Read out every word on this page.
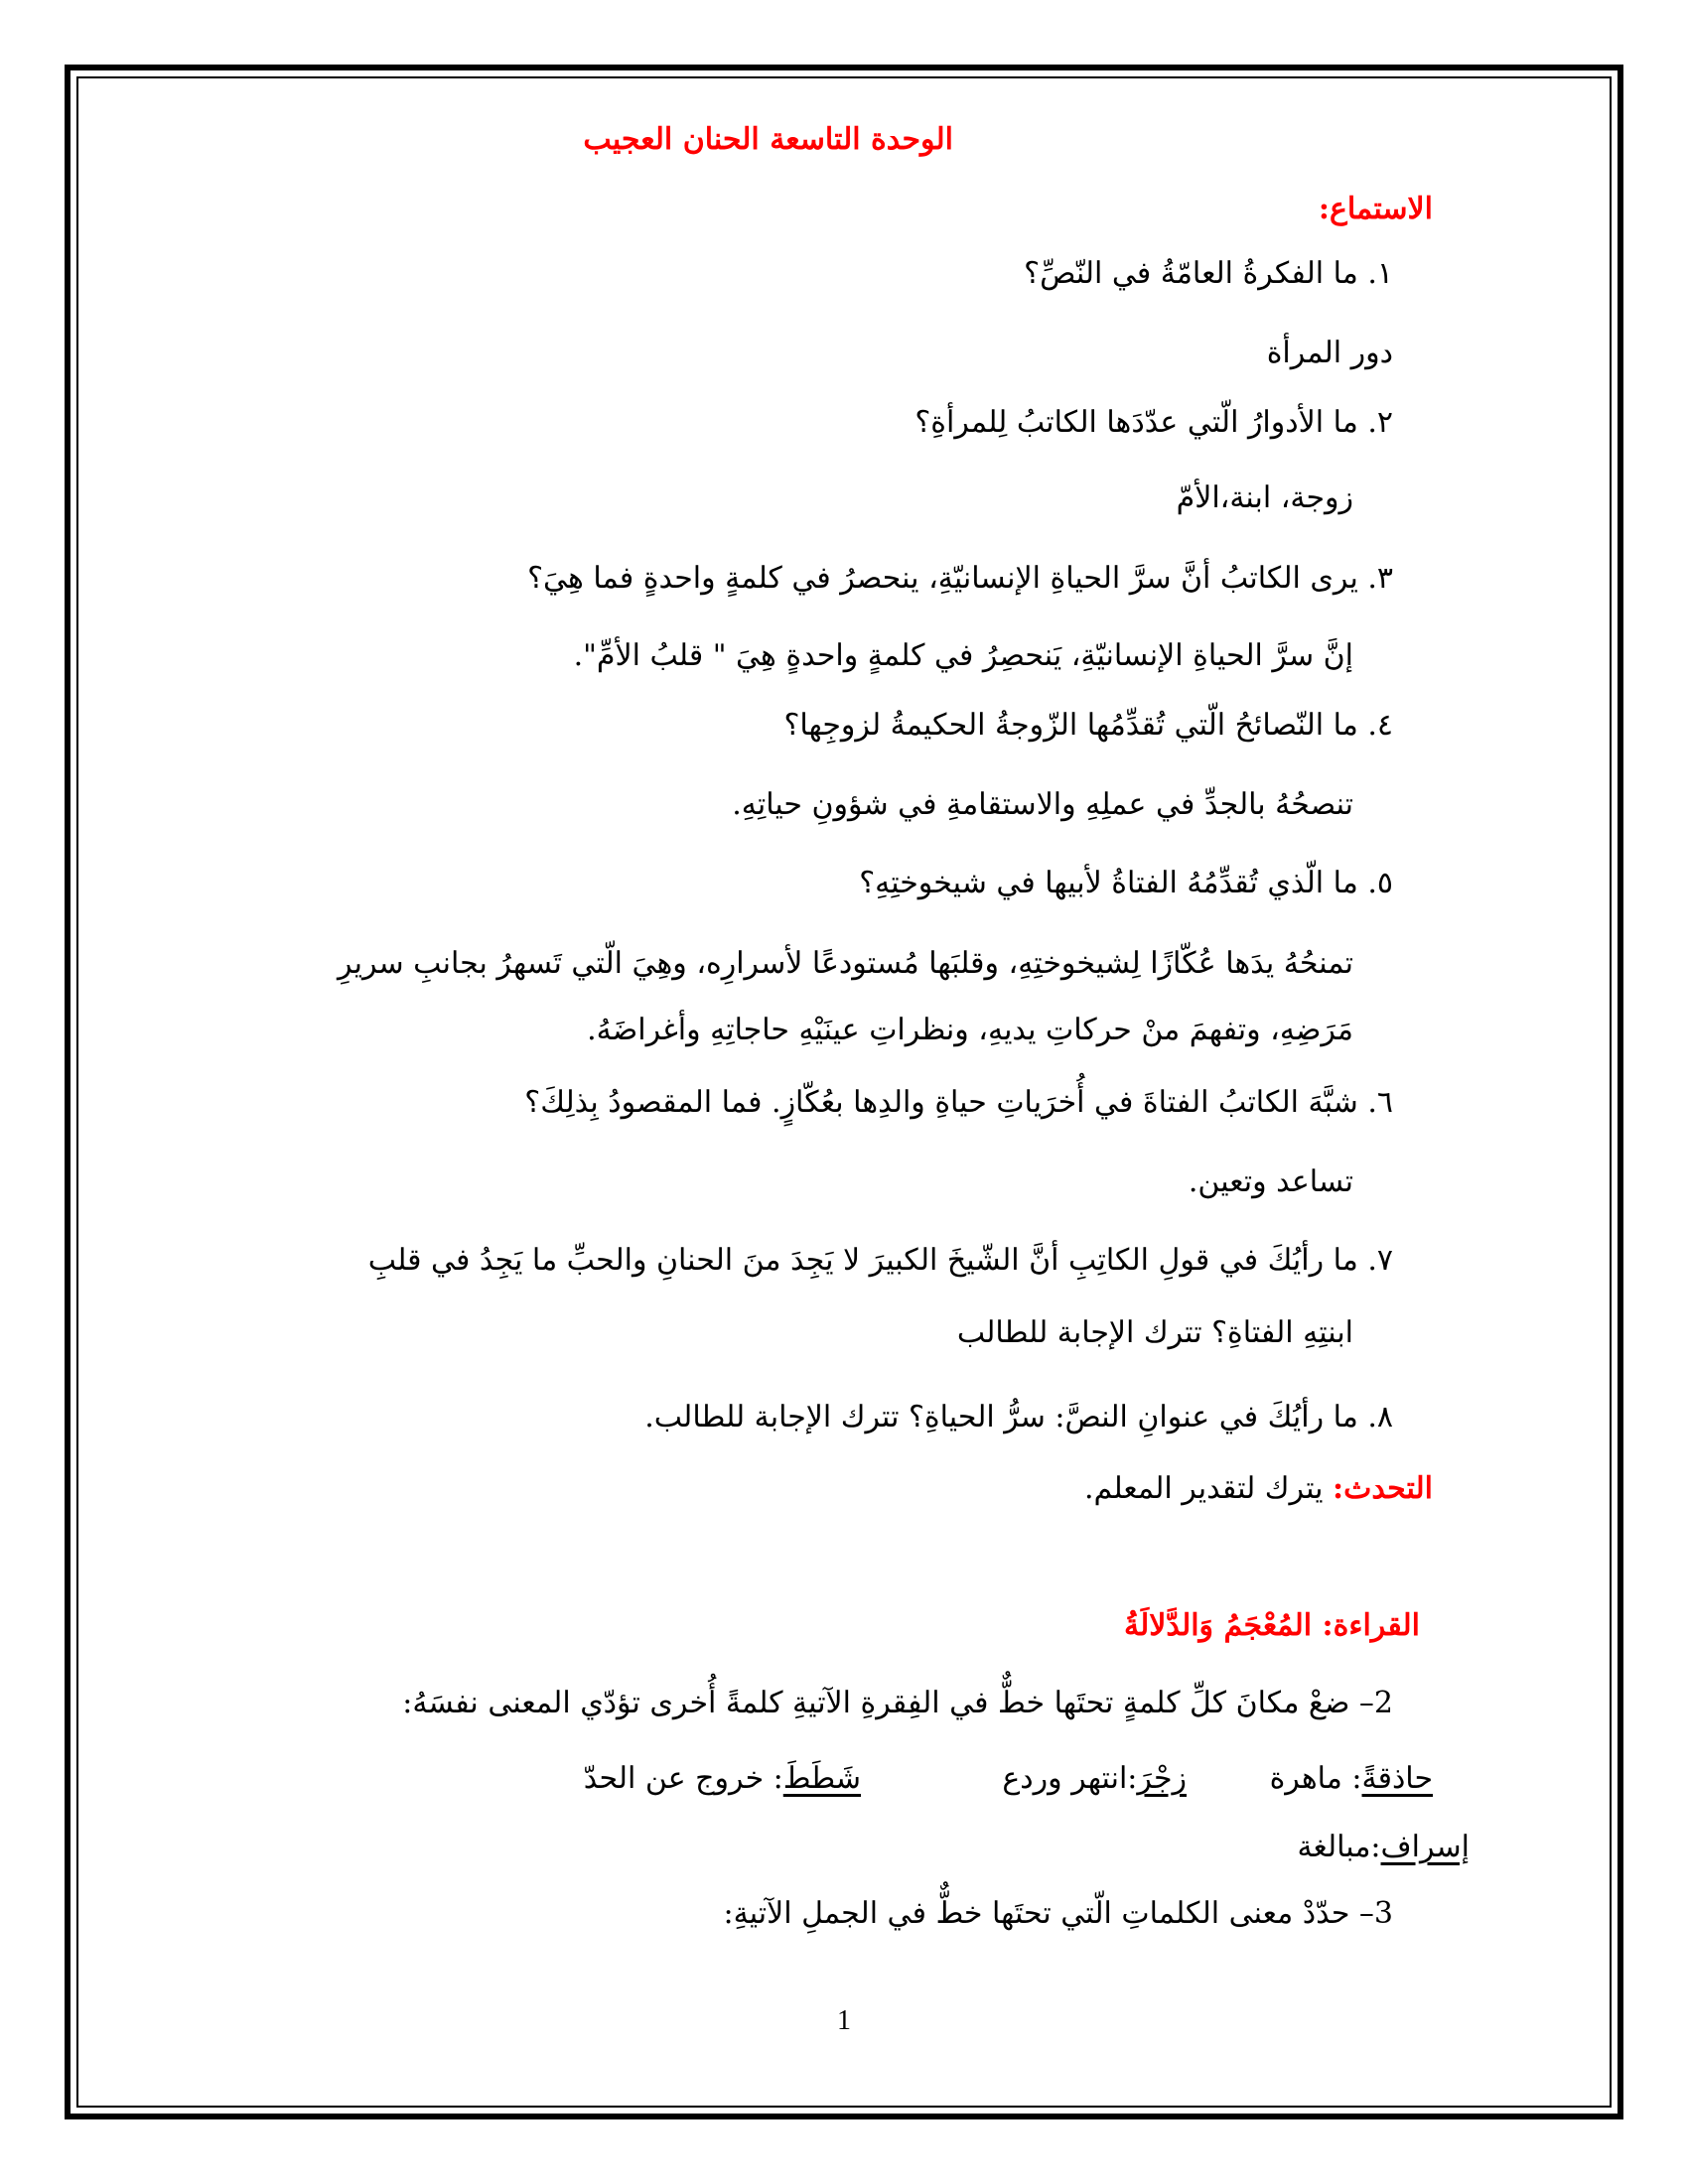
الوحدة التاسعة الحنان العجيب
الاستماع:
١. ما الفكرةُ العامّةُ في النّصِّ؟
دور المرأة
٢. ما الأدوارُ الّتي عدّدَها الكاتبُ لِلمرأةِ؟
زوجة، ابنة،الأمّ
٣. يرى الكاتبُ أنَّ سرَّ الحياةِ الإنسانيّةِ، ينحصرُ في كلمةٍ واحدةٍ فما هِيَ؟
إنَّ سرَّ الحياةِ الإنسانيّةِ، يَنحصِرُ في كلمةٍ واحدةٍ هِيَ " قلبُ الأمِّ".
٤. ما النّصائحُ الّتي تُقدِّمُها الزّوجةُ الحكيمةُ لزوجِها؟
تنصحُهُ بالجدِّ في عملِهِ والاستقامةِ في شؤونِ حياتِهِ.
٥. ما الّذي تُقدِّمُهُ الفتاةُ لأبيها في شيخوختِهِ؟
تمنحُهُ يدَها عُكّازًا لِشيخوختِهِ، وقلبَها مُستودعًا لأسرارِه، وهِيَ الّتي تَسهرُ بجانبِ سريرِ
مَرَضِهِ، وتفهمَ منْ حركاتِ يديهِ، ونظراتِ عينَيْهِ حاجاتِهِ وأغراضَهُ.
٦. شبَّهَ الكاتبُ الفتاةَ في أُخرَياتِ حياةِ والدِها بعُكّازٍ. فما المقصودُ بِذلِكَ؟
تساعد وتعين.
٧. ما رأيُكَ في قولِ الكاتِبِ أنَّ الشّيخَ الكبيرَ لا يَجِدَ منَ الحنانِ والحبِّ ما يَجِدُ في قلبِ
ابنتِهِ الفتاةِ؟ تترك الإجابة للطالب
٨. ما رأيُكَ في عنوانِ النصَّ: سرُّ الحياةِ؟ تترك الإجابة للطالب.
التحدث: يترك لتقدير المعلم.
القراءة: المُعْجَمُ وَالدَّلالَةُ
2– ضعْ مكانَ كلِّ كلمةٍ تحتَها خطٌّ في الفِقرةِ الآتيةِ كلمةً أُخرى تؤدّي المعنى نفسَهُ:
حاذقةً: ماهرة
زجْرَ:انتهر وردع
شَطَطَ: خروج عن الحدّ
إسراف:مبالغة
3– حدّدْ معنى الكلماتِ الّتي تحتَها خطٌّ في الجملِ الآتيةِ:
1
